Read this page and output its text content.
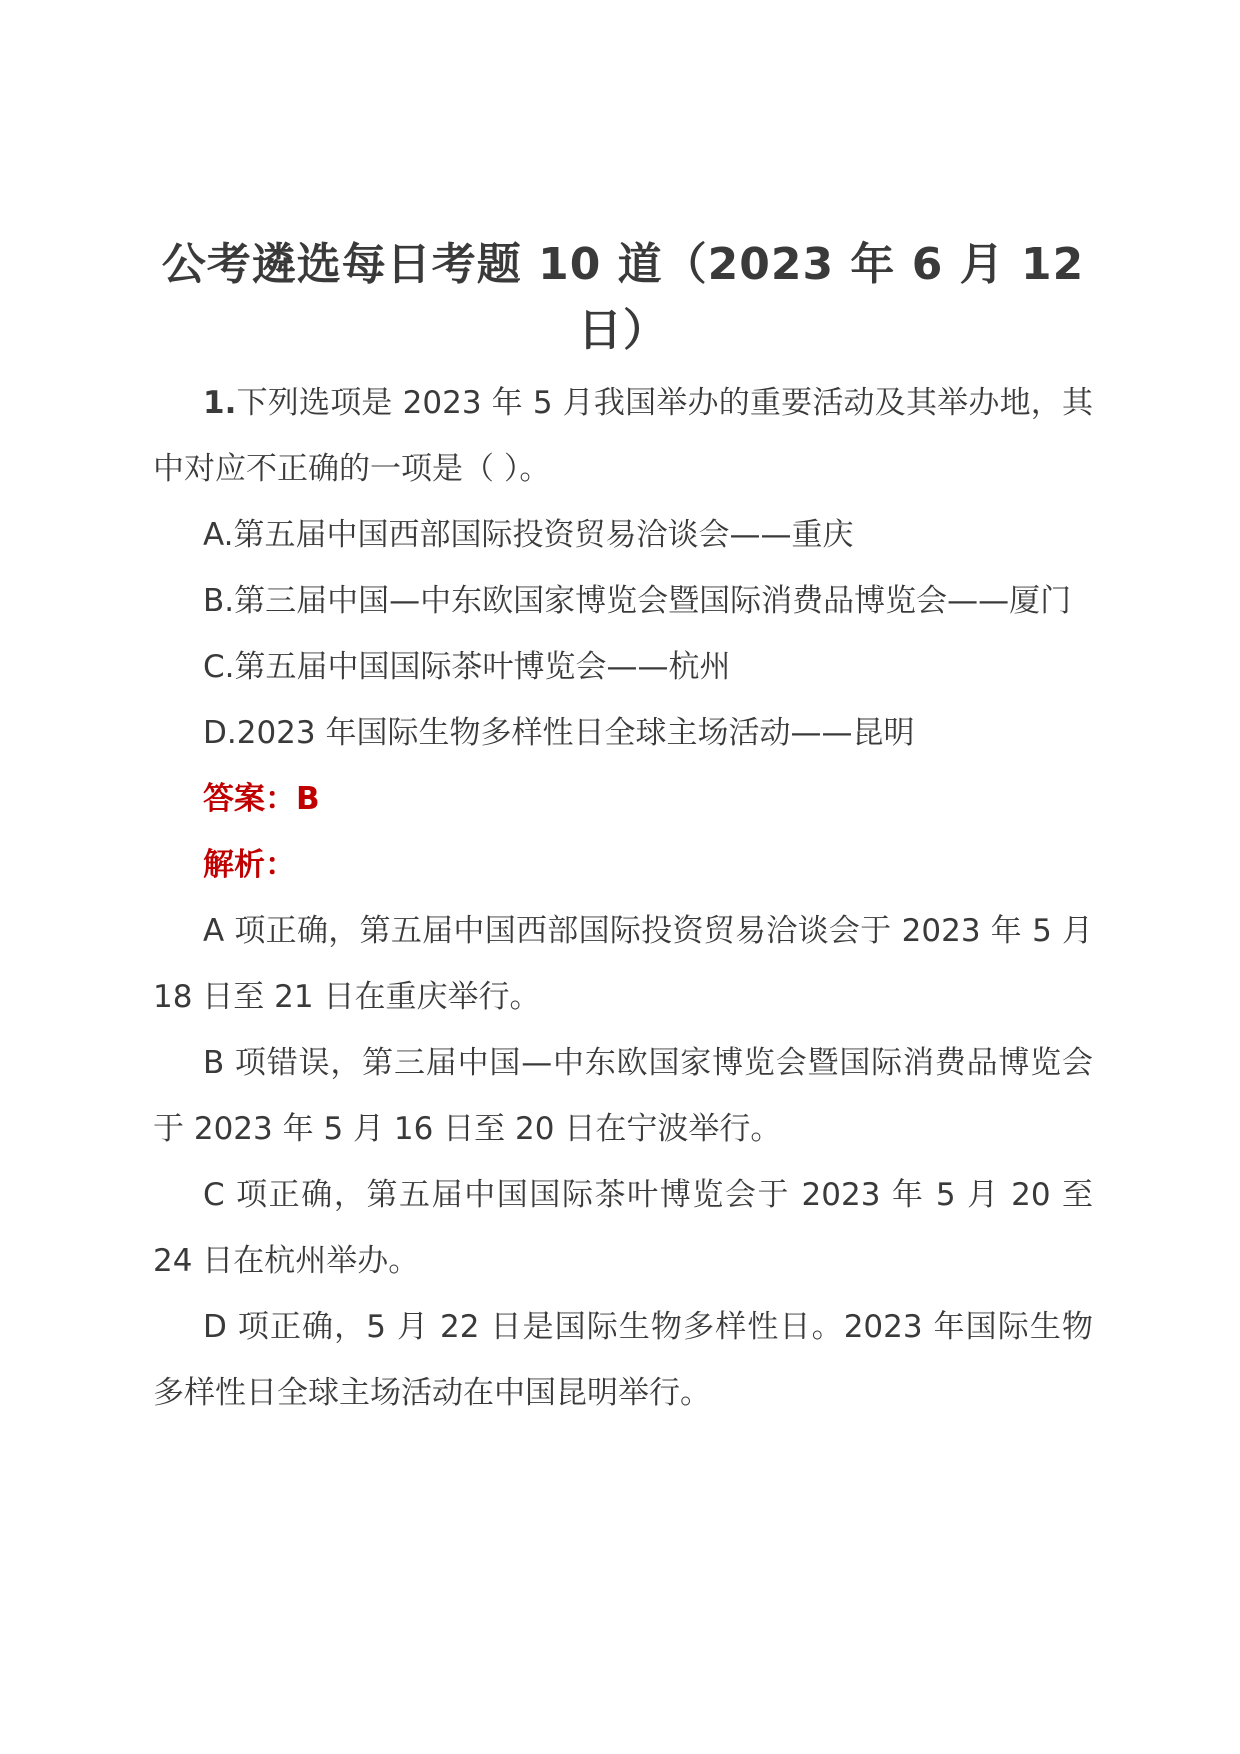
公考遴选每日考题 10 道（2023 年 6 月 12 日）

1.下列选项是 2023 年 5 月我国举办的重要活动及其举办地，其中对应不正确的一项是（ ）。

A.第五届中国西部国际投资贸易洽谈会——重庆

B.第三届中国—中东欧国家博览会暨国际消费品博览会——厦门

C.第五届中国国际茶叶博览会——杭州

D.2023 年国际生物多样性日全球主场活动——昆明

答案：B

解析：

A 项正确，第五届中国西部国际投资贸易洽谈会于 2023 年 5 月 18 日至 21 日在重庆举行。

B 项错误，第三届中国—中东欧国家博览会暨国际消费品博览会于 2023 年 5 月 16 日至 20 日在宁波举行。

C 项正确，第五届中国国际茶叶博览会于 2023 年 5 月 20 至 24 日在杭州举办。

D 项正确，5 月 22 日是国际生物多样性日。2023 年国际生物多样性日全球主场活动在中国昆明举行。
